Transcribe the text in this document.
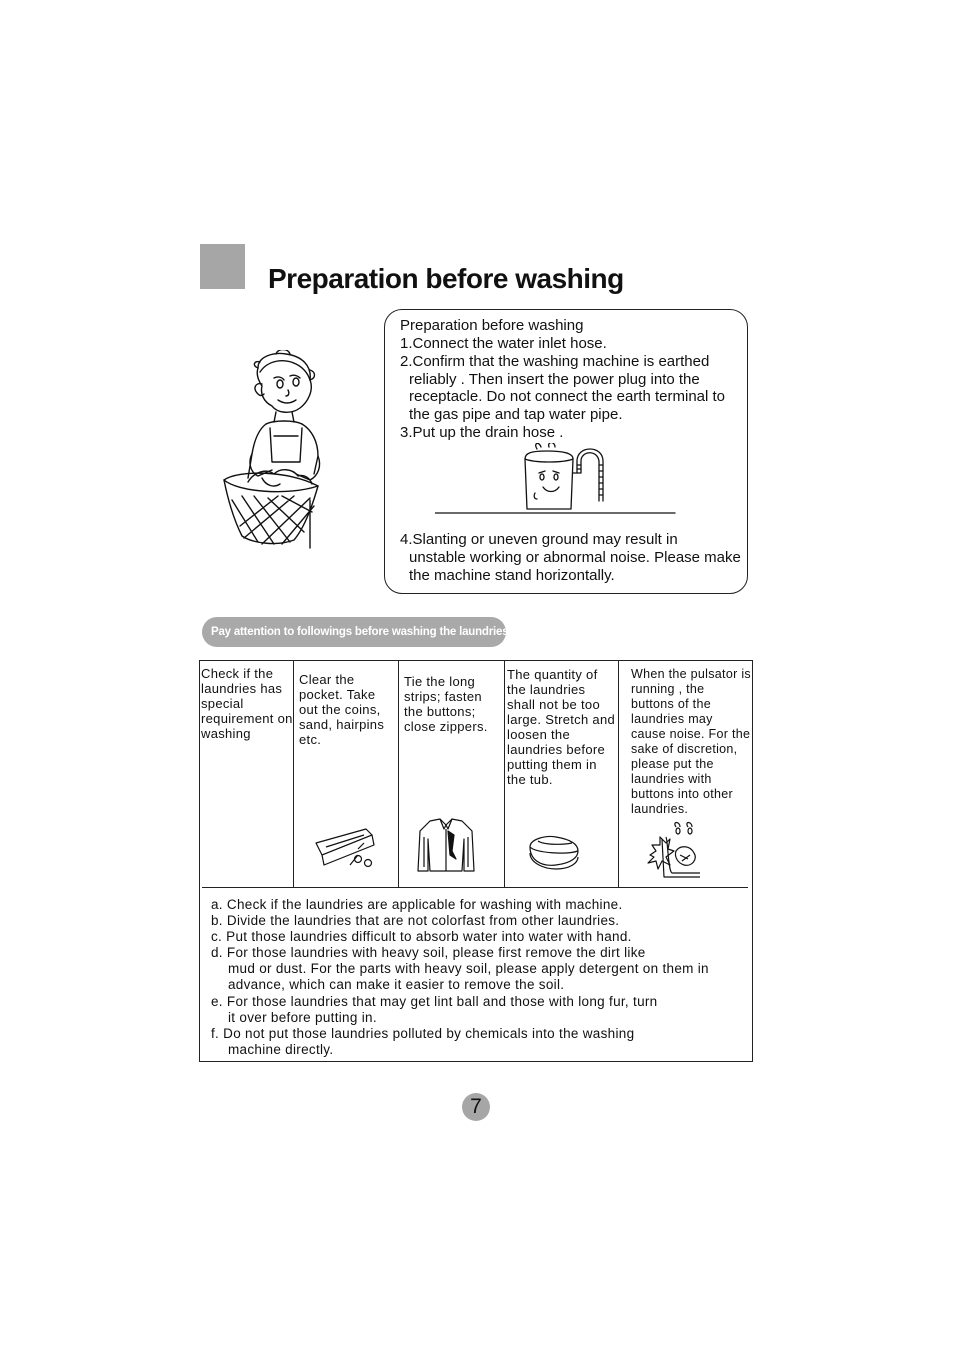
Preparation before washing

Preparation before washing

1.Connect the water inlet hose.
2.Confirm that the washing machine is earthed
reliably . Then insert the power plug into the receptacle. Do not connect the earth terminal to the gas pipe and tap water pipe.
3.Put up the drain hose .

4.Slanting or uneven ground may result in
unstable working or abnormal noise. Please make the machine stand horizontally.

Pay attention to followings before washing the laundries

Check if the laundries has special requirement on washing

Clear the pocket. Take out the coins, sand, hairpins etc.

Tie the long strips; fasten the buttons; close zippers.

The quantity of the laundries shall not be too large. Stretch and loosen the laundries before putting them in the tub.

When the pulsator is running , the buttons of the laundries may cause noise. For the sake of discretion, please put the laundries with buttons into other laundries.

a. Check if the laundries are applicable for washing with machine.
b. Divide the laundries that are not colorfast from other laundries.
c. Put those laundries difficult to absorb water into water with hand.
d. For those laundries with heavy soil, please first remove the dirt like
mud or dust. For the parts with heavy soil, please apply detergent on them in advance, which can make it easier to remove the soil.
e. For those laundries that may get lint ball and those with long fur, turn
it over before putting in.
f. Do not put those laundries polluted by chemicals into the washing
machine directly.
7
